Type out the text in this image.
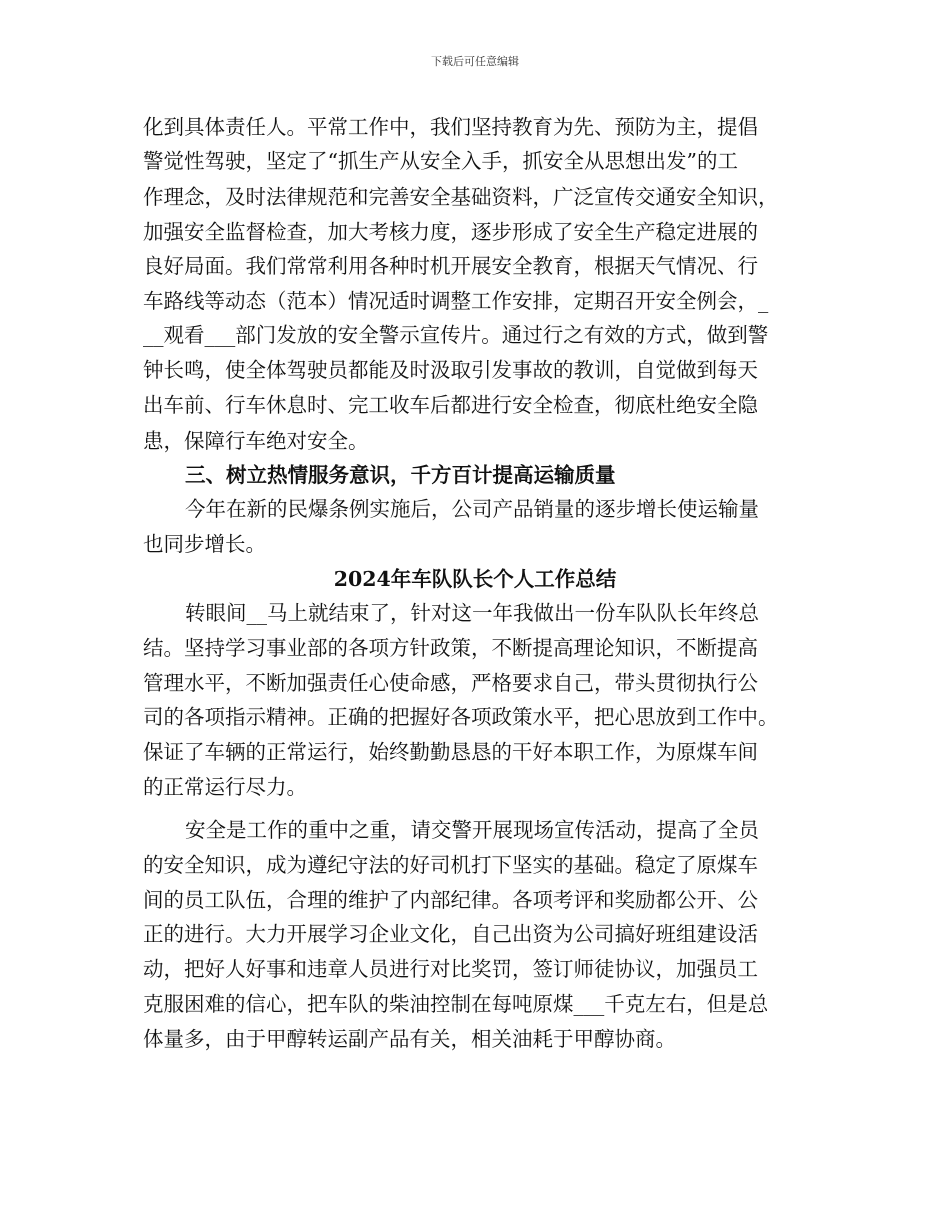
下载后可任意编辑
化到具体责任人。平常工作中，我们坚持教育为先、预防为主，提倡
警觉性驾驶，坚定了“抓生产从安全入手，抓安全从思想出发”的工
作理念，及时法律规范和完善安全基础资料，广泛宣传交通安全知识，
加强安全监督检查，加大考核力度，逐步形成了安全生产稳定进展的
良好局面。我们常常利用各种时机开展安全教育，根据天气情况、行
车路线等动态（范本）情况适时调整工作安排，定期召开安全例会，_
__观看___部门发放的安全警示宣传片。通过行之有效的方式，做到警
钟长鸣，使全体驾驶员都能及时汲取引发事故的教训，自觉做到每天
出车前、行车休息时、完工收车后都进行安全检查，彻底杜绝安全隐
患，保障行车绝对安全。
三、树立热情服务意识，千方百计提高运输质量
今年在新的民爆条例实施后，公司产品销量的逐步增长使运输量
也同步增长。
2024年车队队长个人工作总结
转眼间__马上就结束了，针对这一年我做出一份车队队长年终总
结。坚持学习事业部的各项方针政策，不断提高理论知识，不断提高
管理水平，不断加强责任心使命感，严格要求自己，带头贯彻执行公
司的各项指示精神。正确的把握好各项政策水平，把心思放到工作中。
保证了车辆的正常运行，始终勤勤恳恳的干好本职工作，为原煤车间
的正常运行尽力。
安全是工作的重中之重，请交警开展现场宣传活动，提高了全员
的安全知识，成为遵纪守法的好司机打下坚实的基础。稳定了原煤车
间的员工队伍，合理的维护了内部纪律。各项考评和奖励都公开、公
正的进行。大力开展学习企业文化，自己出资为公司搞好班组建设活
动，把好人好事和违章人员进行对比奖罚，签订师徒协议，加强员工
克服困难的信心，把车队的柴油控制在每吨原煤___千克左右，但是总
体量多，由于甲醇转运副产品有关，相关油耗于甲醇协商。
